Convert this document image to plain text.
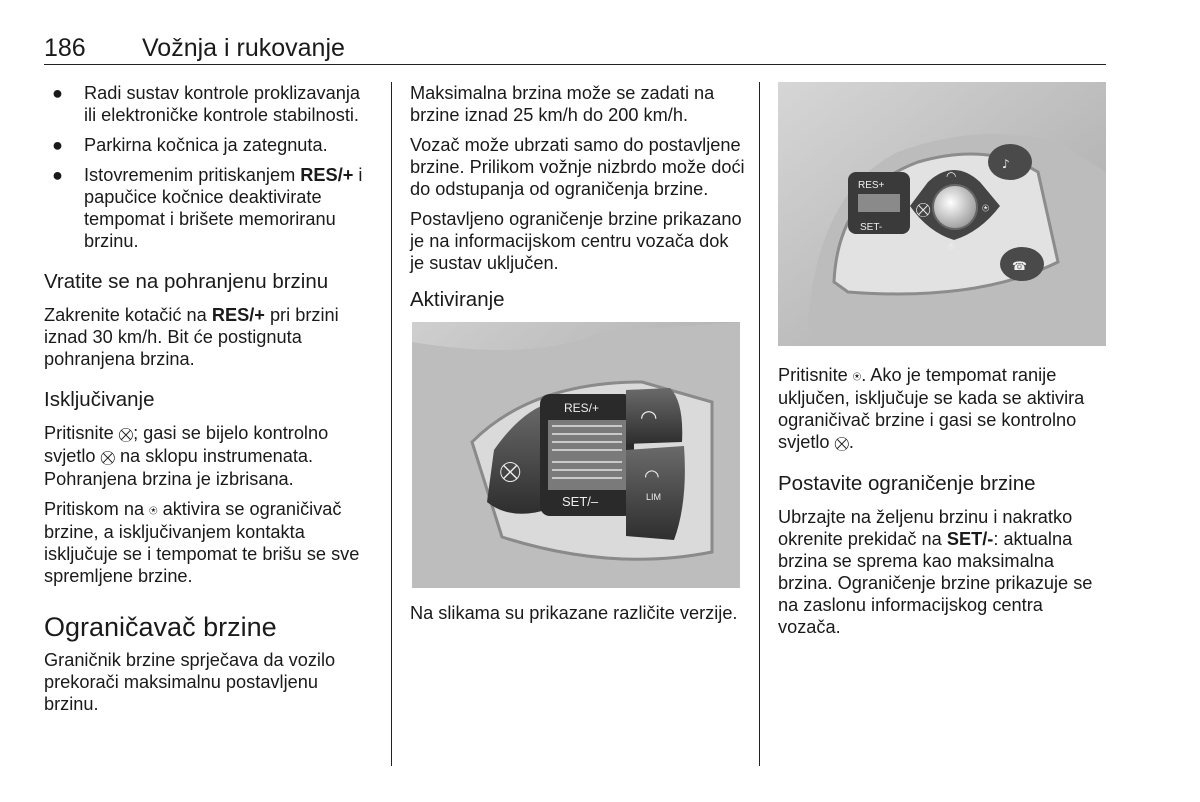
186 Vožnja i rukovanje
● Radi sustav kontrole proklizavanja ili elektroničke kontrole stabilnosti.
● Parkirna kočnica ja zategnuta.
● Istovremenim pritiskanjem RES/+ i papučice kočnice deaktivirate tempomat i brišete memoriranu brzinu.
Vratite se na pohranjenu brzinu

Zakrenite kotačić na RES/+ pri brzini iznad 30 km/h. Bit će postignuta pohranjena brzina.

Isključivanje

Pritisnite ⛒; gasi se bijelo kontrolno svjetlo ⛒ na sklopu instrumenata. Pohranjena brzina je izbrisana.

Pritiskom na ⍟ aktivira se ograničivač brzine, a isključivanjem kontakta isključuje se i tempomat te brišu se sve spremljene brzine.

Ograničavač brzine

Graničnik brzine sprječava da vozilo prekorači maksimalnu postavljenu brzinu.

Maksimalna brzina može se zadati na brzine iznad 25 km/h do 200 km/h.

Vozač može ubrzati samo do postavljene brzine. Prilikom vožnje nizbrdo može doći do odstupanja od ograničenja brzine.

Postavljeno ograničenje brzine prikazano je na informacijskom centru vozača dok je sustav uključen.

Aktiviranje
⛒
RES/+
SET/–
◠
◠
LIM

Na slikama su prikazane različite verzije.

RES+
SET-
⛒
◠
⍟
⍟
♪
☎

Pritisnite ⍟. Ako je tempomat ranije uključen, isključuje se kada se aktivira ograničivač brzine i gasi se kontrolno svjetlo ⛒.

Postavite ograničenje brzine

Ubrzajte na željenu brzinu i nakratko okrenite prekidač na SET/-: aktualna brzina se sprema kao maksimalna brzina. Ograničenje brzine prikazuje se na zaslonu informacijskog centra vozača.
